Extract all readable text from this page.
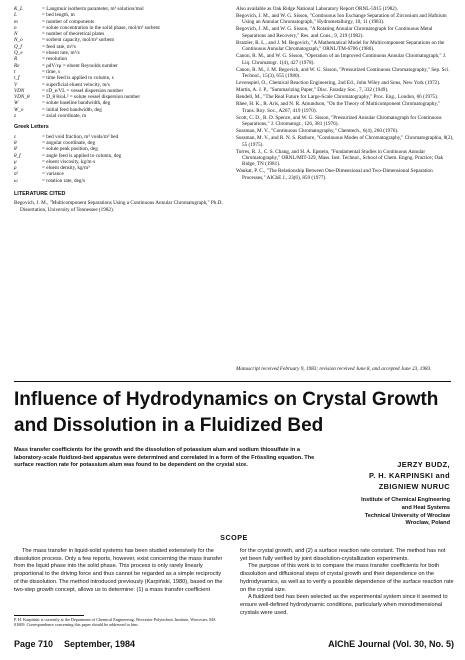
K_L	= Langmuir isotherm parameter, m³ solution/mol
L	= bed length, m
m	= number of components
n	= solute concentration in the solid phase, mol/m³ sorbent
N	= number of theoretical plates
N_o	= sorbent capacity, mol/m³ sorbent
Q_f	= feed rate, m³/s
Q_e	= eluent rate, m³/s
R	= resolution
Re	= ρdV/εμ = eluent Reynolds number
t	= time, s
t_f	= time feed is applied to column, s
V	= superficial eluent velocity, m/s
VDN	= εD_e/VL = vessel dispersion number
VDN_θ	= D_θ θ/ωL² = solute vessel dispersion number
W	= solute baseline bandwidth, deg
W_o	= initial feed bandwidth, deg
z	= axial coordinate, m
Greek Letters
ε	= bed void fraction, m³ voids/m³ bed
θ	= angular coordinate, deg
θ̄	= solute peak position, deg
θ_f	= angle feed is applied to column, deg
μ	= eluent viscosity, kg/m·s
ρ	= eluent density, kg/m³
σ²	= variance
ω	= rotation rate, deg/s
LITERATURE CITED
Begovich, J. M., "Multicomponent Separations Using a Continuous Annular Chromatograph," Ph.D. Dissertation, University of Tennessee (1982).
Also available as Oak Ridge National Laboratory Report ORNL-5915 (1982).
Begovich, J. M., and W. G. Sisson, "Continuous Ion Exchange Separation of Zirconium and Hafnium Using an Annular Chromatograph," Hydrometallurgy, 10, 11 (1983).
Begovich, J. M., and W. G. Sisson, "A Rotating Annular Chromatograph for Continuous Metal Separations and Recovery," Res. and Cons., 9, 219 (1982).
Bratzler, R. L., and J. M. Begovich, "A Mathematical Model for Multicomponent Separations on the Continuous Annular Chromatograph," ORNL/TM-6706 (1980).
Canon, R. M., and W. G. Sisson, "Operation of an Improved Continuous Annular Chromatograph," J. Liq. Chromatogr. 1(4), 427 (1978).
Canon, R. M., J. M. Begovich, and W. G. Sisson, "Pressurized Continuous Chromatography," Sep. Sci. Technol., 15(3), 655 (1980).
Levenspiel, O., Chemical Reaction Engineering, 2nd Ed., John Wiley and Sons, New York (1972).
Martin, A. J. P., "Summarizing Paper," Disc. Faraday Soc., 7, 332 (1949).
Rendell, M., "The Real Future for Large-Scale Chromatography," Proc. Eng., London, 66 (1975).
Rhee, H. K., R. Aris, and N. R. Amundson, "On the Theory of Multicomponent Chromatography," Trans. Roy. Soc., A267, 419 (1970).
Scott, C. D., R. D. Spence, and W. G. Sisson, "Pressurized Annular Chromatograph for Continuous Separations," J. Chromatogr., 126, 381 (1976).
Sussman, M. V., "Continuous Chromatography," Chemtech., 6(4), 260 (1976).
Sussman, M. V., and R. N. S. Rathore, "Continuous Modes of Chromatography," Chromatographia, 8(2), 55 (1975).
Torres, R. J., C. S. Chang, and H. A. Epstein, "Fundamental Studies in Continuous Annular Chromatography," ORNL/MIT-329, Mass. Inst. Technol., School of Chem. Engng. Practice; Oak Ridge, TN (1981).
Wankat, P. C., "The Relationship Between One-Dimensional and Two-Dimensional Separation Processes," AIChE J., 23(6), 859 (1977).
Manuscript received February 9, 1983; revision received June 8, and accepted June 23, 1983.
Influence of Hydrodynamics on Crystal Growth and Dissolution in a Fluidized Bed
Mass transfer coefficients for the growth and the dissolution of potassium alum and sodium thiosulfate in a laboratory-scale fluidized-bed apparatus were determined and correlated in a form of the Frössling equation. The surface reaction rate for potassium alum was found to be dependent on the crystal size.	JERZY BUDZ,
P. H. KARPINSKI and
ZBIGNIEW NURUC
Institute of Chemical Engineering
and Heat Systems
Technical University of Wroclaw
Wroclaw, Poland
SCOPE
The mass transfer in liquid-solid systems has been studied extensively for the dissolution process. Only a few reports, however, exist concerning the mass transfer from the liquid phase into the solid phase. This process is only rarely linearly proportional to the driving force and thus cannot be regarded as a simple reciprocity of the dissolution. The method introduced previously (Karpiński, 1980), based on the two-step growth concept, allows us to determine: (1) a mass transfer coefficient

for the crystal growth, and (2) a surface reaction rate constant. The method has not yet been fully verified by joint dissolution-crystallization experiments.

The purpose of this work is to compare the mass transfer coefficients for both dissolution and diffusional steps of crystal growth and their dependence on the hydrodynamics, as well as to verify a possible dependence of the surface reaction rate on the crystal size.

A fluidized bed has been selected as the experimental system since it seemed to ensure well-defined hydrodynamic conditions, particularly when monodimensional crystals were used.

P. H. Karpiński is currently at the Department of Chemical Engineering, Worcester Polytechnic Institute, Worcester, MA 01609. Correspondence concerning this paper should be addressed to him.
Page 710 September, 1984	AIChE Journal (Vol. 30, No. 5)
